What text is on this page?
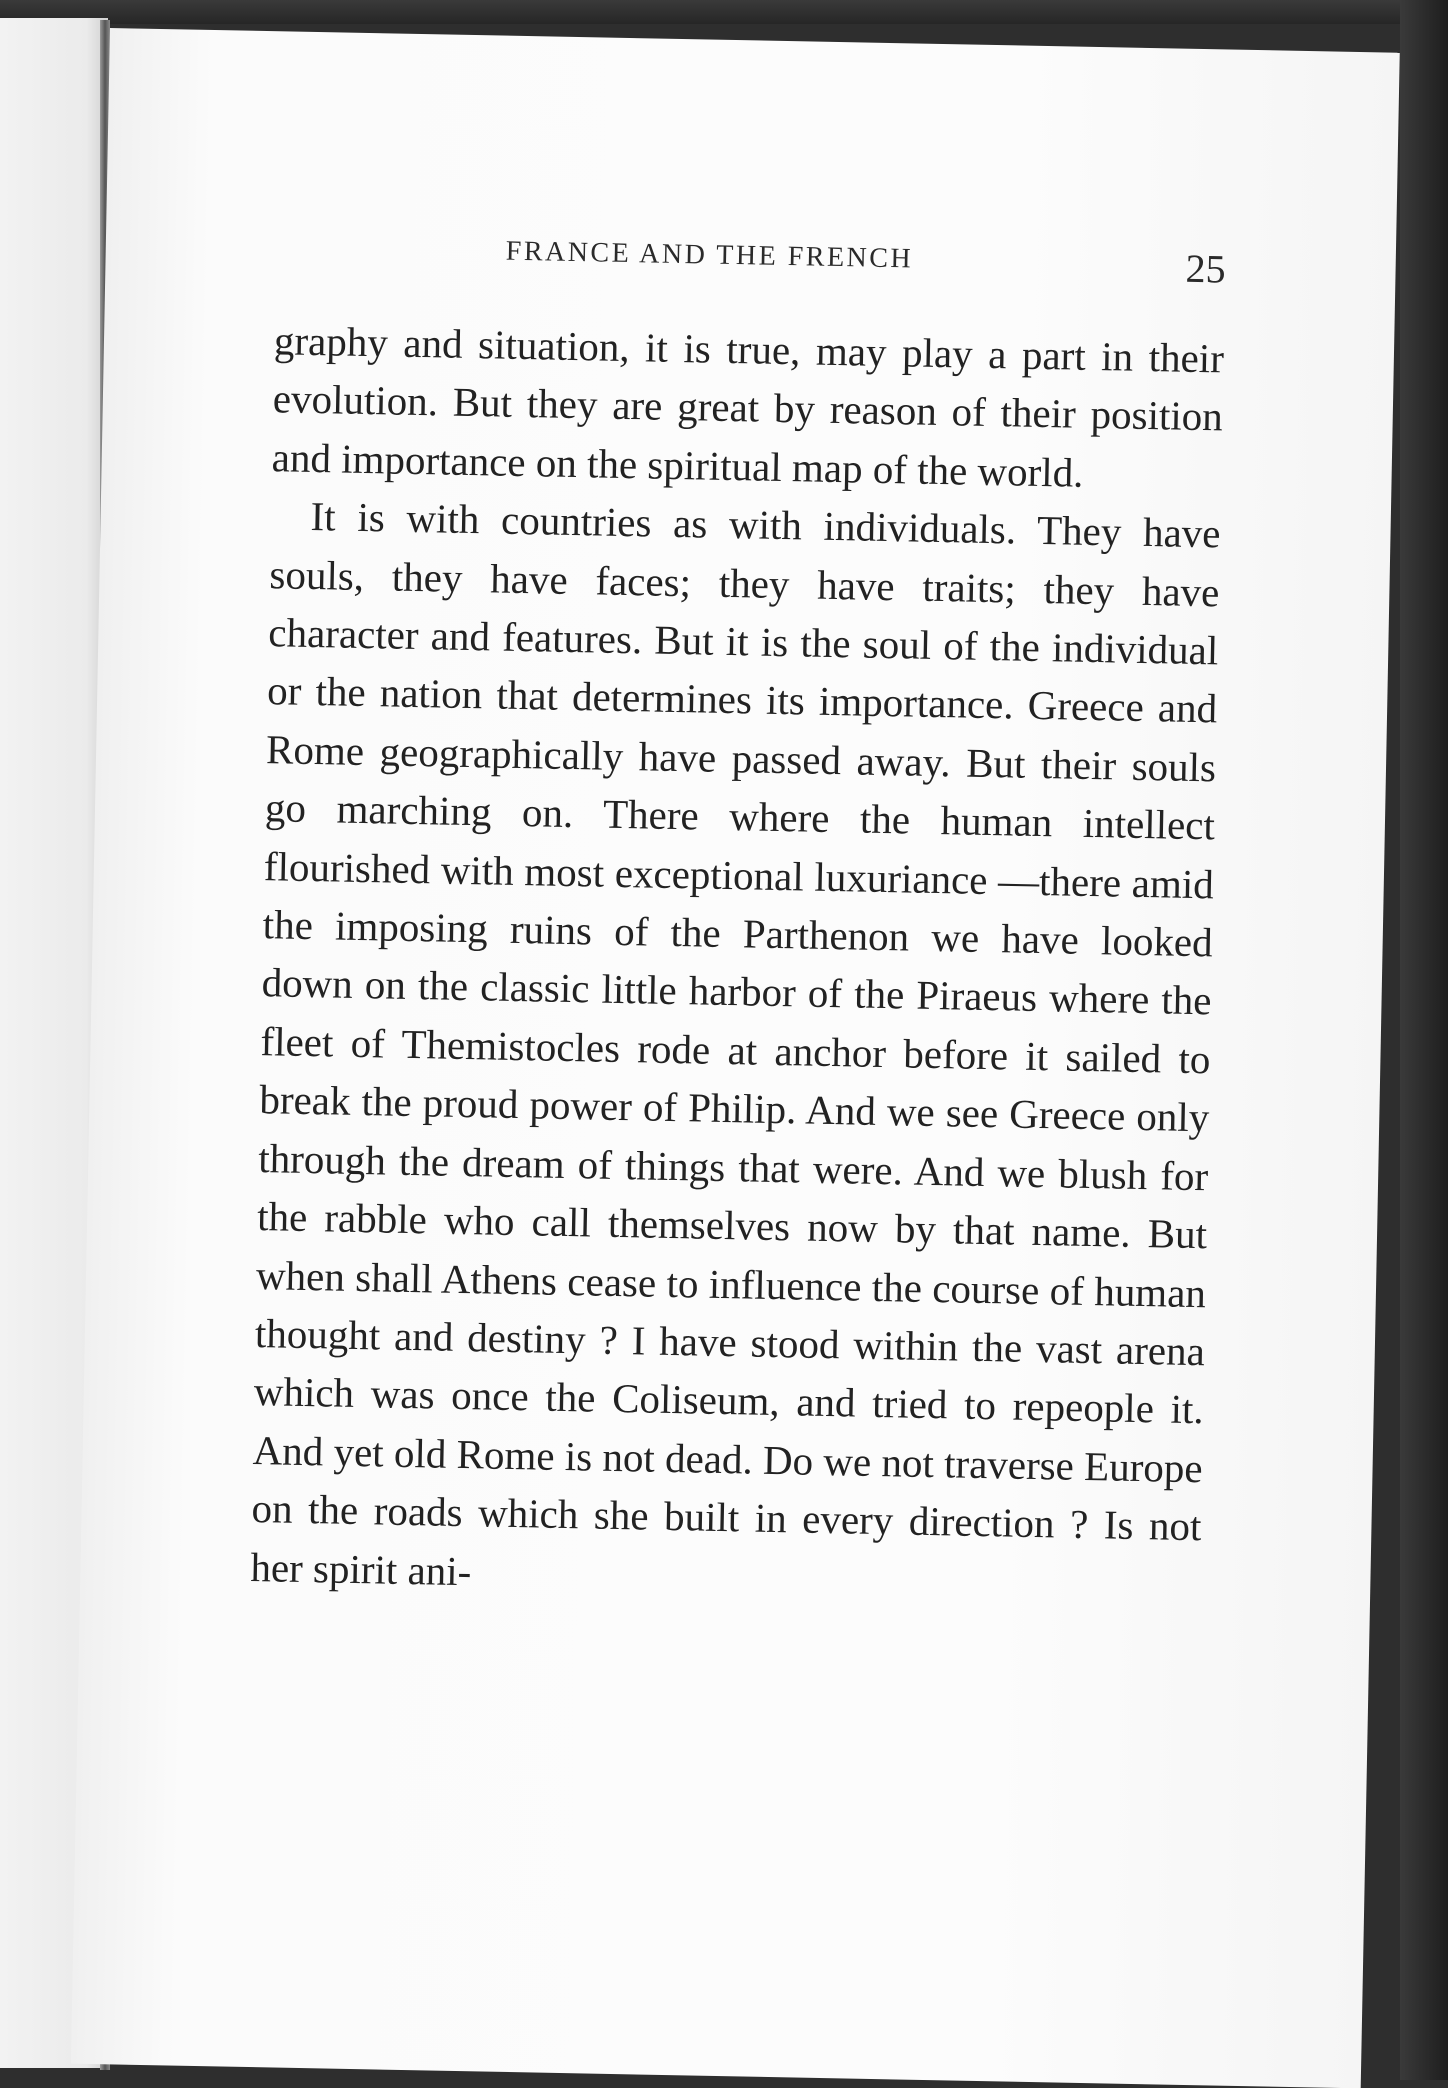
FRANCE AND THE FRENCH	25

graphy and situation, it is true, may play a part in their evolution. But they are great by reason of their position and importance on the spiritual map of the world.

It is with countries as with individuals. They have souls, they have faces; they have traits; they have character and features. But it is the soul of the individual or the nation that determines its importance. Greece and Rome geographically have passed away. But their souls go marching on. There where the human intellect flourished with most exceptional luxuriance —there amid the imposing ruins of the Parthenon we have looked down on the classic little harbor of the Piraeus where the fleet of Themistocles rode at anchor before it sailed to break the proud power of Philip. And we see Greece only through the dream of things that were. And we blush for the rabble who call themselves now by that name. But when shall Athens cease to influence the course of human thought and destiny ? I have stood within the vast arena which was once the Coliseum, and tried to repeople it. And yet old Rome is not dead. Do we not traverse Europe on the roads which she built in every direction ? Is not her spirit ani-
